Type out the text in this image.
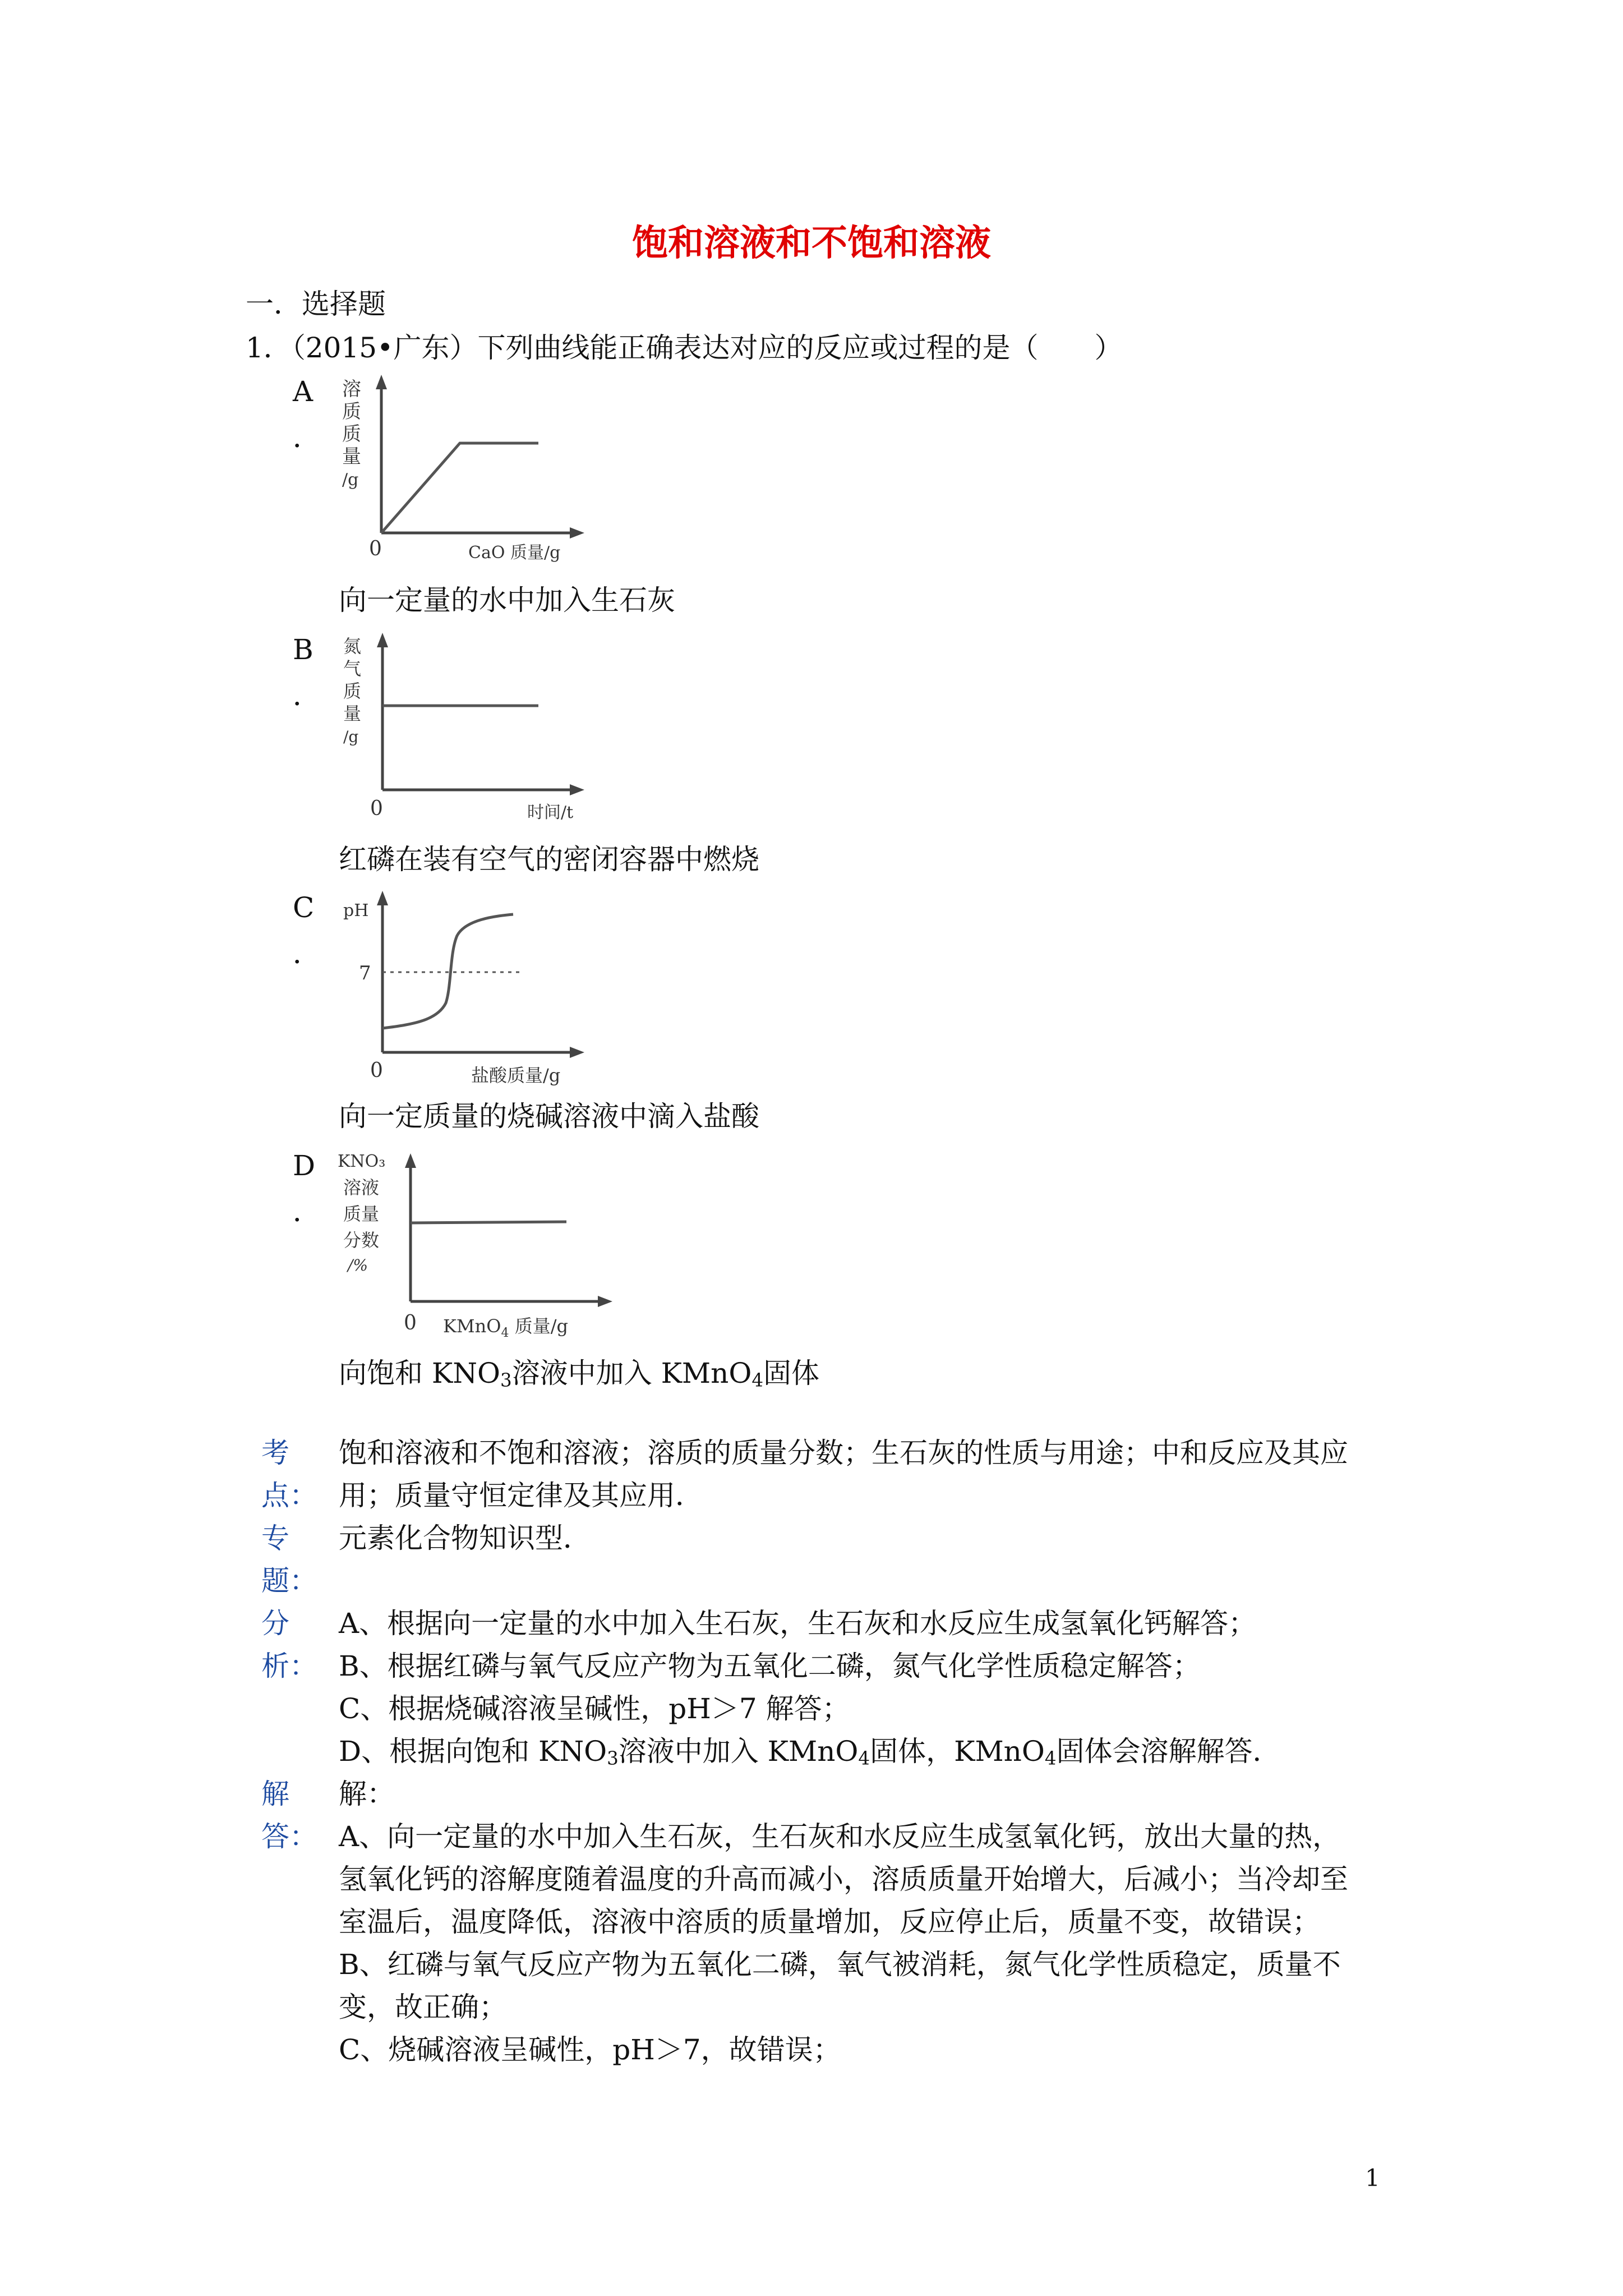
饱和溶液和不饱和溶液
一．选择题
1．（2015•广东）下列曲线能正确表达对应的反应或过程的是（　　）
A
．
溶
质
质
量
/g
0	CaO 质量/g
向一定量的水中加入生石灰
B
．
氮
气
质
量
/g
0	时间/t
红磷在装有空气的密闭容器中燃烧
C
．
pH
7
0	盐酸质量/g
向一定质量的烧碱溶液中滴入盐酸
D
．
KNO₃
溶液
质量
分数
/%
0 KMnO$_4$ 质量/g
向饱和 $KNO_3$溶液中加入 KMnO$_4$固体
考
点：
饱和溶液和不饱和溶液；溶质的质量分数；生石灰的性质与用途；中和反应及其应
用；质量守恒定律及其应用．
专
题：
元素化合物知识型．
分
析：
A、根据向一定量的水中加入生石灰，生石灰和水反应生成氢氧化钙解答；
B、根据红磷与氧气反应产物为五氧化二磷，氮气化学性质稳定解答；
C、根据烧碱溶液呈碱性，pH＞7 解答；
D、根据向饱和 $KNO_3$溶液中加入 KMnO$_4$固体，KMnO$_4$固体会溶解解答．
解
答：
解：
A、向一定量的水中加入生石灰，生石灰和水反应生成氢氧化钙，放出大量的热，
氢氧化钙的溶解度随着温度的升高而减小，溶质质量开始增大，后减小；当冷却至
室温后，温度降低，溶液中溶质的质量增加，反应停止后，质量不变，故错误；
B、红磷与氧气反应产物为五氧化二磷，氧气被消耗，氮气化学性质稳定，质量不
变，故正确；
C、烧碱溶液呈碱性，pH＞7，故错误；
1
